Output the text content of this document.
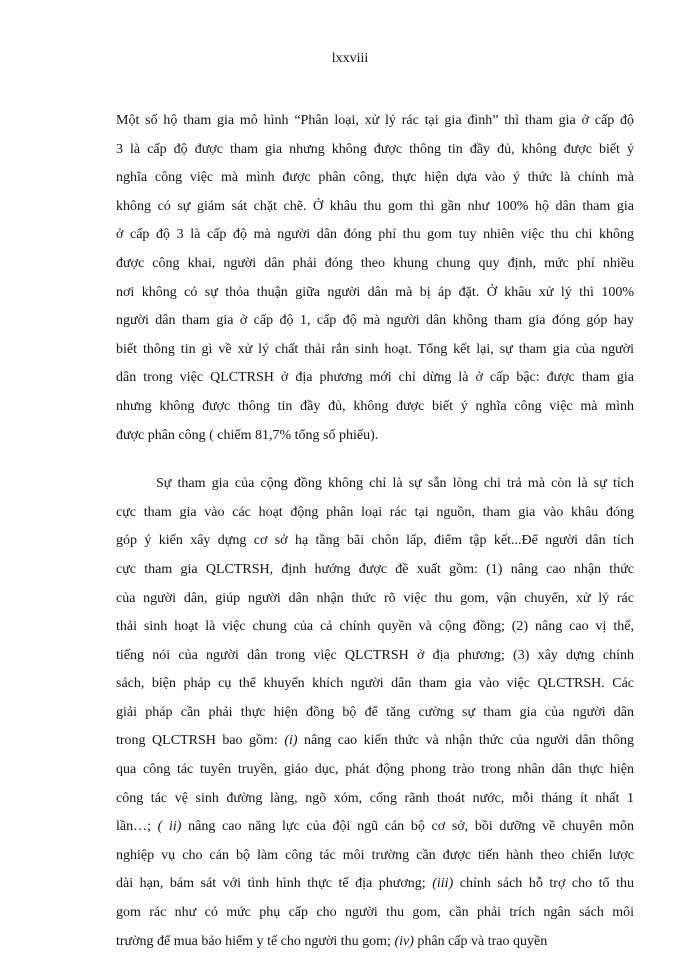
lxxviii
Một số hộ tham gia mô hình “Phân loại, xử lý rác tại gia đình” thì tham gia ở cấp độ
3 là cấp độ được tham gia nhưng không được thông tin đầy đủ, không được biết ý
nghĩa công việc mà mình được phân công, thực hiện dựa vào ý thức là chính mà
không có sự giám sát chặt chẽ. Ở khâu thu gom thì gần như 100% hộ dân tham gia
ở cấp độ 3 là cấp độ mà người dân đóng phí thu gom tuy nhiên việc thu chi không
được công khai, người dân phải đóng theo khung chung quy định, mức phí nhiều
nơi không có sự thỏa thuận giữa người dân mà bị áp đặt. Ở khâu xử lý thì 100%
người dân tham gia ở cấp độ 1, cấp độ mà người dân không tham gia đóng góp hay
biết thông tin gì về xử lý chất thải rắn sinh hoạt. Tổng kết lại, sự tham gia của người
dân trong việc QLCTRSH ở địa phương mới chỉ dừng là ở cấp bậc: được tham gia
nhưng không được thông tin đầy đủ, không được biết ý nghĩa công việc mà mình
được phân công ( chiếm 81,7% tổng số phiếu).
Sự tham gia của cộng đồng không chỉ là sự sẵn lòng chi trả mà còn là sự tích
cực tham gia vào các hoạt động phân loại rác tại nguồn, tham gia vào khâu đóng
góp ý kiến xây dựng cơ sở hạ tầng bãi chôn lấp, điểm tập kết...Để người dân tích
cực tham gia QLCTRSH, định hướng được đề xuất gồm: (1) nâng cao nhận thức
của người dân, giúp người dân nhận thức rõ việc thu gom, vận chuyển, xử lý rác
thải sinh hoạt là việc chung của cả chính quyền và cộng đồng; (2) nâng cao vị thế,
tiếng nói của người dân trong việc QLCTRSH ở địa phương; (3) xây dựng chính
sách, biện pháp cụ thể khuyến khích người dân tham gia vào việc QLCTRSH. Các
giải pháp cần phải thực hiện đồng bộ để tăng cường sự tham gia của người dân
trong QLCTRSH bao gồm: (i) nâng cao kiến thức và nhận thức của người dân thông
qua công tác tuyên truyền, giáo dục, phát động phong trào trong nhân dân thực hiện
công tác vệ sinh đường làng, ngõ xóm, cống rãnh thoát nước, mỗi tháng ít nhất 1
lần…; ( ii) nâng cao năng lực của đội ngũ cán bộ cơ sở, bồi dưỡng về chuyên môn
nghiệp vụ cho cán bộ làm công tác môi trường cần được tiến hành theo chiến lược
dài hạn, bám sát với tình hình thực tế địa phương; (iii) chính sách hỗ trợ cho tổ thu
gom rác như có mức phụ cấp cho người thu gom, cần phải trích ngân sách môi
trường để mua bảo hiểm y tế cho người thu gom; (iv) phân cấp và trao quyền
